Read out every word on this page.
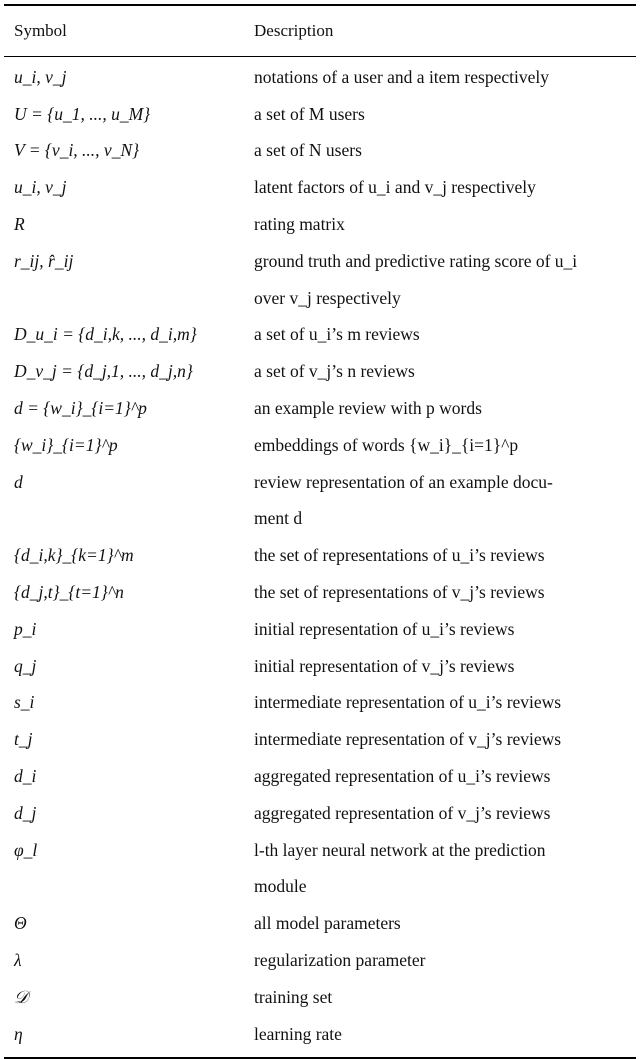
Symbol	Description
u_i, v_j	notations of a user and a item respectively
U = {u_1, ..., u_M}	a set of M users
V = {v_i, ..., v_N}	a set of N users
u_i, v_j	latent factors of u_i and v_j respectively
R	rating matrix
r_ij, r̂_ij	ground truth and predictive rating score of u_i
over v_j respectively
D_u_i = {d_i,k, ..., d_i,m}	a set of u_i’s m reviews
D_v_j = {d_j,1, ..., d_j,n}	a set of v_j’s n reviews
d = {w_i}_{i=1}^p	an example review with p words
{w_i}_{i=1}^p	embeddings of words {w_i}_{i=1}^p
d	review representation of an example docu-
ment d
{d_i,k}_{k=1}^m	the set of representations of u_i’s reviews
{d_j,t}_{t=1}^n	the set of representations of v_j’s reviews
p_i	initial representation of u_i’s reviews
q_j	initial representation of v_j’s reviews
s_i	intermediate representation of u_i’s reviews
t_j	intermediate representation of v_j’s reviews
d_i	aggregated representation of u_i’s reviews
d_j	aggregated representation of v_j’s reviews
φ_l	l-th layer neural network at the prediction
module
Θ	all model parameters
λ	regularization parameter
𝒟	training set
η	learning rate
